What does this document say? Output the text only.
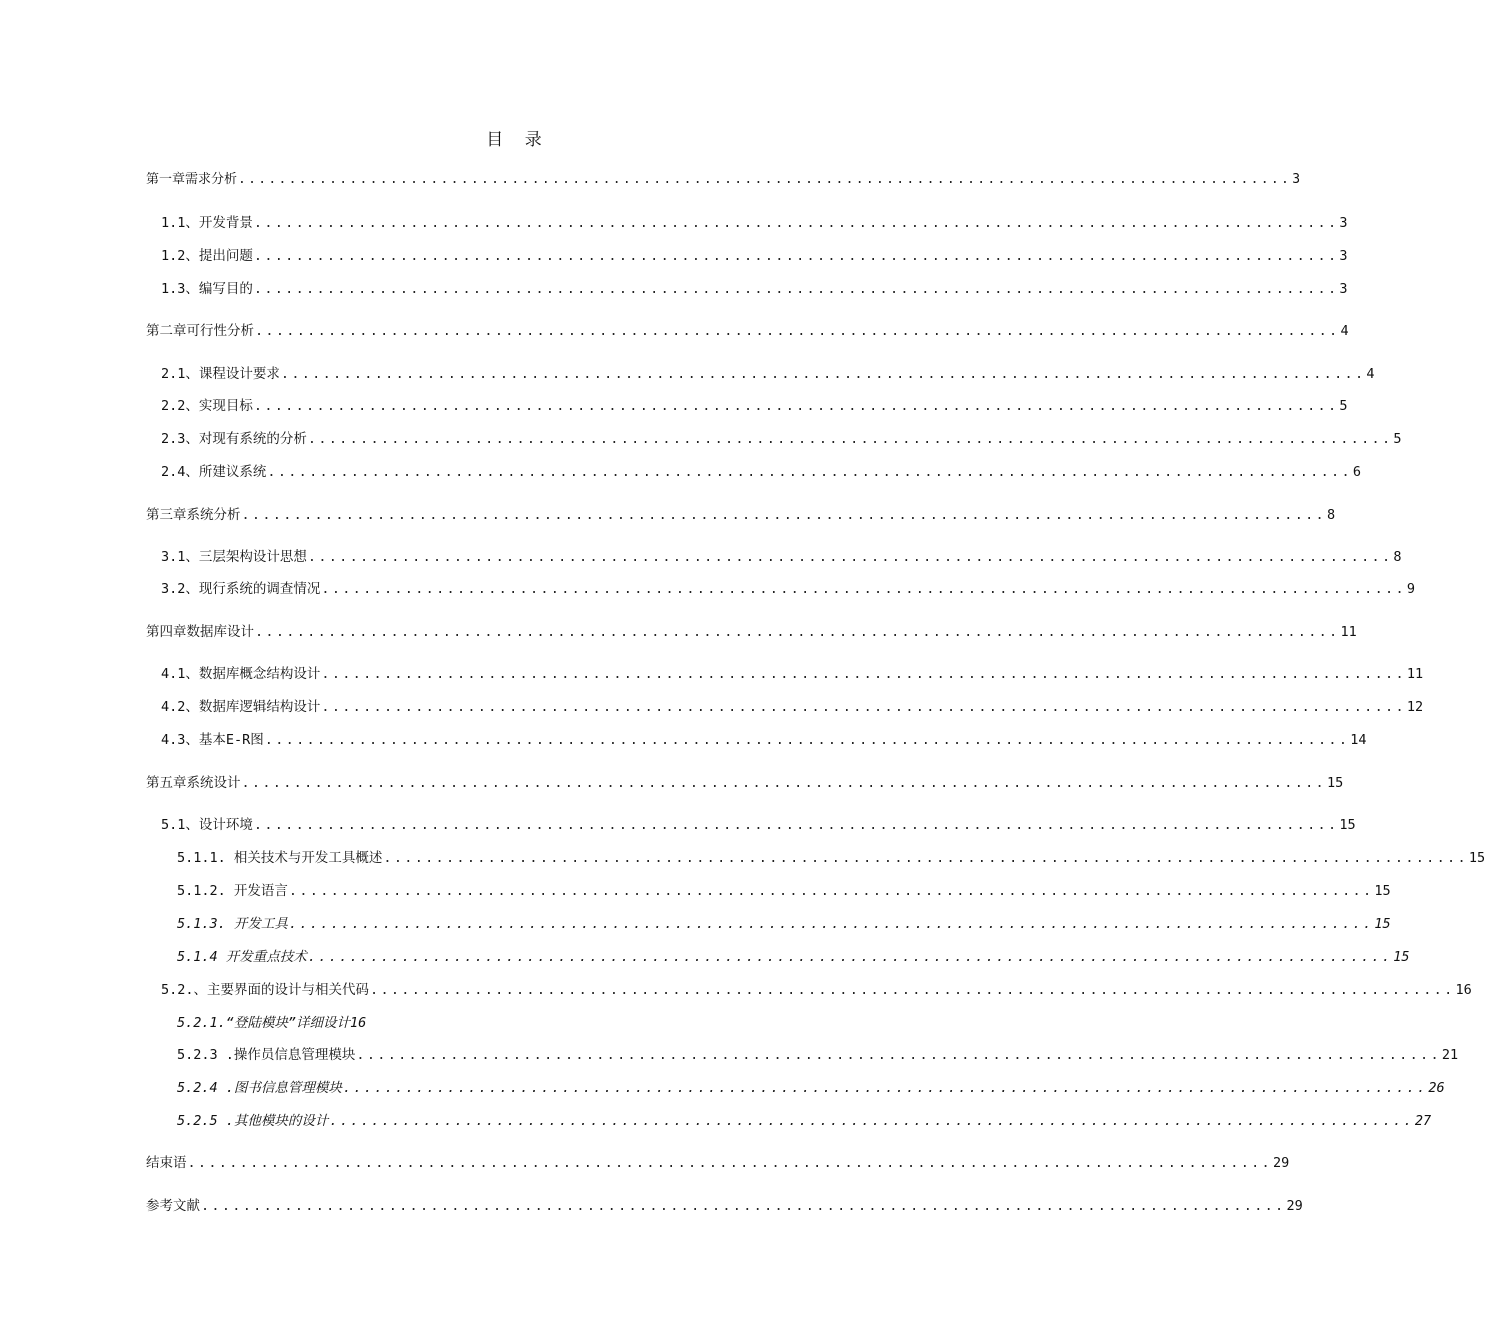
目 录
第一章需求分析 ........................................................................................................ 3
1.1、开发背景 ........................................................................................................ 3
1.2、提出问题 ........................................................................................................ 3
1.3、编写目的 ........................................................................................................ 3
第二章可行性分析 ........................................................................................................ 4
2.1、课程设计要求 ........................................................................................................ 4
2.2、实现目标 ........................................................................................................ 5
2.3、对现有系统的分析 ........................................................................................................ 5
2.4、所建议系统 ........................................................................................................ 6
第三章系统分析 ........................................................................................................ 8
3.1、三层架构设计思想 ........................................................................................................ 8
3.2、现行系统的调查情况 ........................................................................................................ 9
第四章数据库设计 ........................................................................................................ 11
4.1、数据库概念结构设计 ........................................................................................................ 11
4.2、数据库逻辑结构设计 ........................................................................................................ 12
4.3、基本E-R图 ........................................................................................................ 14
第五章系统设计 ........................................................................................................ 15
5.1、设计环境 ........................................................................................................ 15
5.1.1. 相关技术与开发工具概述 ........................................................................................................ 15
5.1.2. 开发语言 ........................................................................................................ 15
5.1.3. 开发工具 ........................................................................................................ 15
5.1.4 开发重点技术 ........................................................................................................ 15
5.2.、主要界面的设计与相关代码 ........................................................................................................ 16
5.2.1.“登陆模块”详细设计 16
5.2.3 .操作员信息管理模块 ........................................................................................................ 21
5.2.4 .图书信息管理模块 ........................................................................................................ 26
5.2.5 .其他模块的设计 ........................................................................................................ 27
结束语 ........................................................................................................ 29
参考文献 ........................................................................................................ 29
